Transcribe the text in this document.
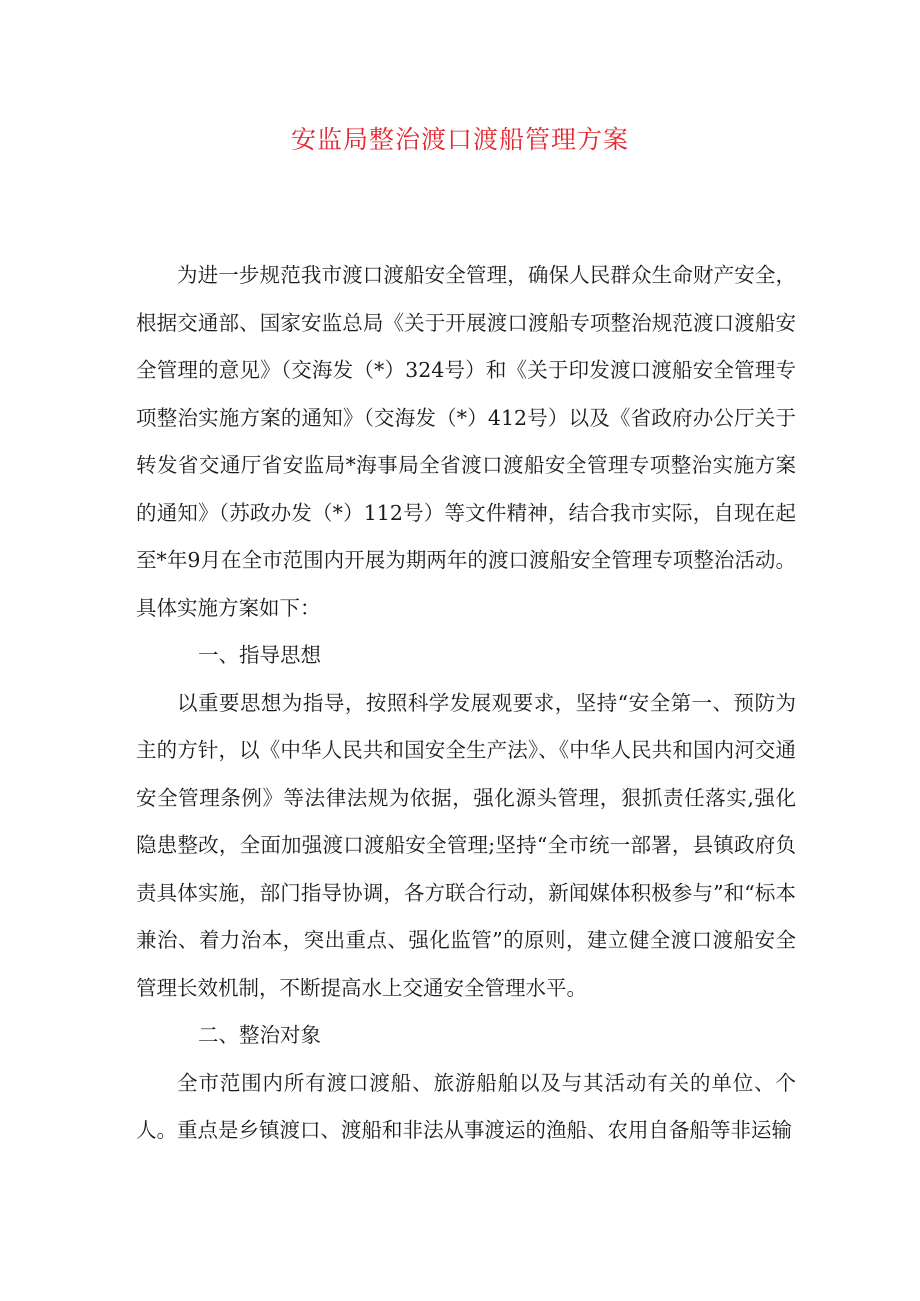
安监局整治渡口渡船管理方案

为进一步规范我市渡口渡船安全管理，确保人民群众生命财产安全，根据交通部、国家安监总局《关于开展渡口渡船专项整治规范渡口渡船安全管理的意见》（交海发（*）324号）和《关于印发渡口渡船安全管理专项整治实施方案的通知》（交海发（*）412号）以及《省政府办公厅关于转发省交通厅省安监局*海事局全省渡口渡船安全管理专项整治实施方案的通知》（苏政办发（*）112号）等文件精神，结合我市实际，自现在起至*年9月在全市范围内开展为期两年的渡口渡船安全管理专项整治活动。具体实施方案如下：

一、指导思想

以重要思想为指导，按照科学发展观要求，坚持“安全第一、预防为主的方针，以《中华人民共和国安全生产法》、《中华人民共和国内河交通安全管理条例》等法律法规为依据，强化源头管理，狠抓责任落实,强化隐患整改，全面加强渡口渡船安全管理;坚持“全市统一部署，县镇政府负责具体实施，部门指导协调，各方联合行动，新闻媒体积极参与”和“标本兼治、着力治本，突出重点、强化监管”的原则，建立健全渡口渡船安全管理长效机制，不断提高水上交通安全管理水平。

二、整治对象

全市范围内所有渡口渡船、旅游船舶以及与其活动有关的单位、个人。重点是乡镇渡口、渡船和非法从事渡运的渔船、农用自备船等非运输
